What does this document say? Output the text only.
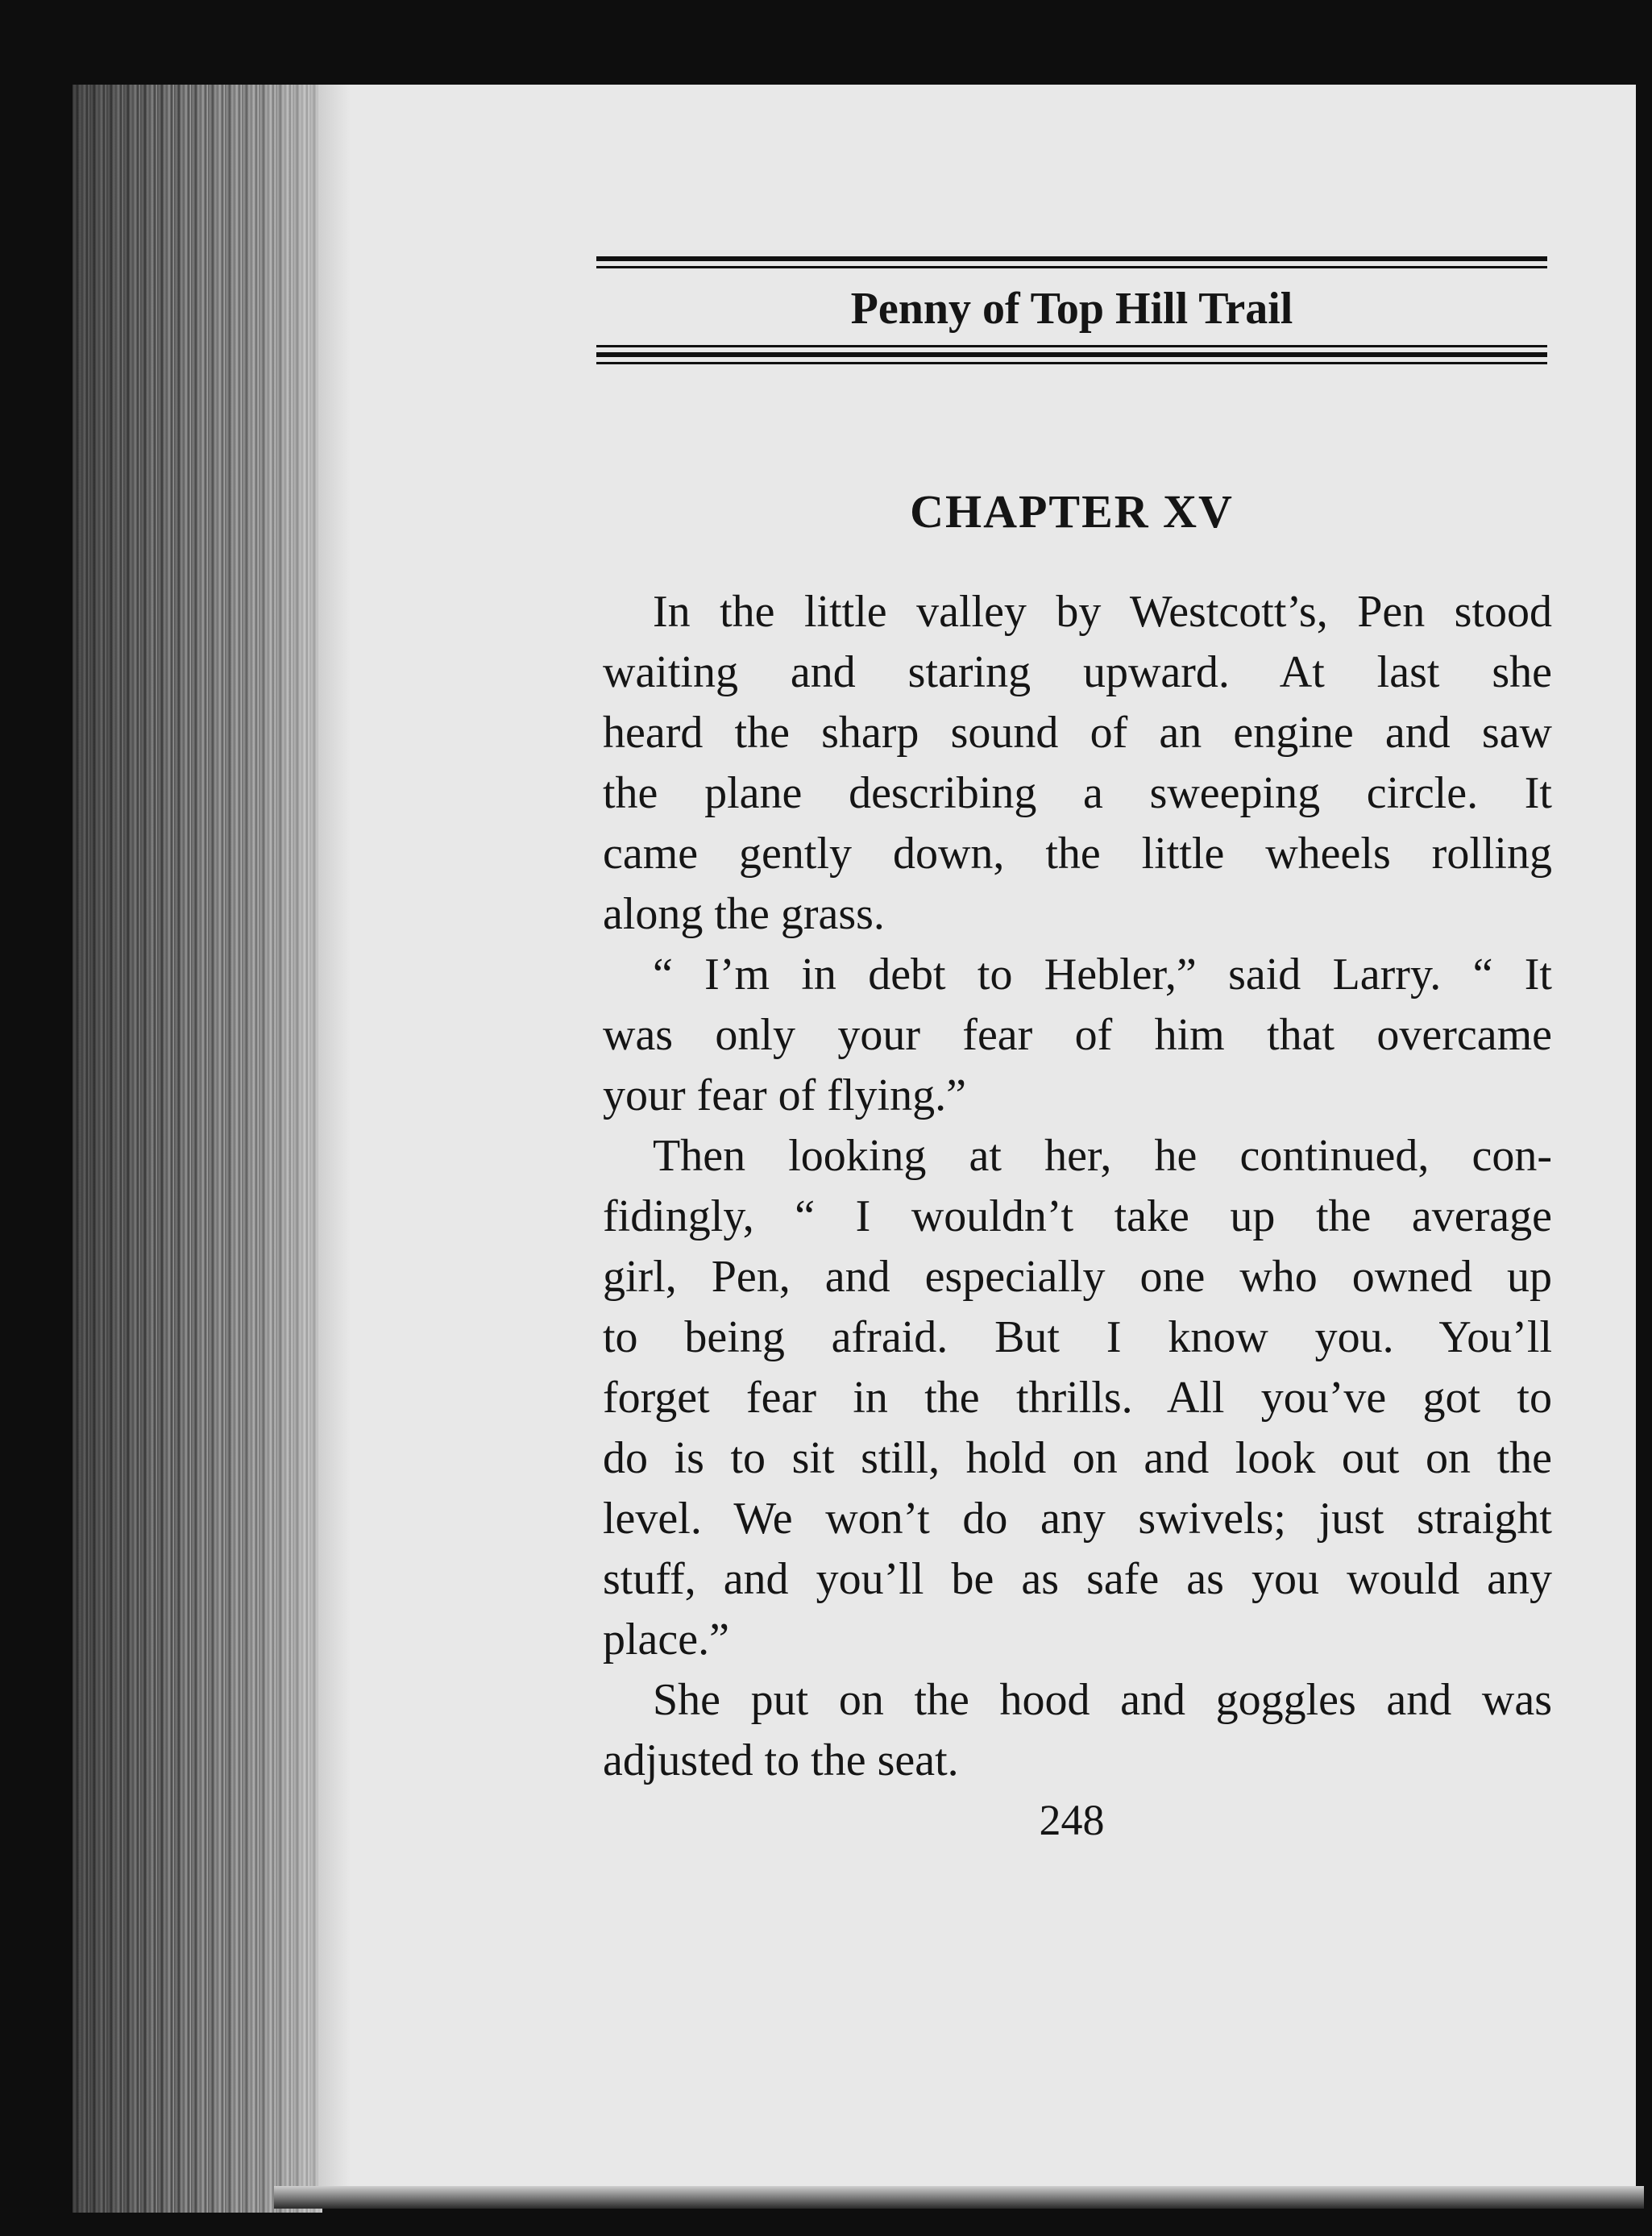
Penny of Top Hill Trail
CHAPTER XV
In the little valley by Westcott’s, Pen stood
waiting and staring upward. At last she
heard the sharp sound of an engine and saw
the plane describing a sweeping circle. It
came gently down, the little wheels rolling
along the grass.
“ I’m in debt to Hebler,” said Larry. “ It
was only your fear of him that overcame
your fear of flying.”
Then looking at her, he continued, con-
fidingly, “ I wouldn’t take up the average
girl, Pen, and especially one who owned up
to being afraid. But I know you. You’ll
forget fear in the thrills. All you’ve got to
do is to sit still, hold on and look out on the
level. We won’t do any swivels; just straight
stuff, and you’ll be as safe as you would any
place.”
She put on the hood and goggles and was
adjusted to the seat.

248
